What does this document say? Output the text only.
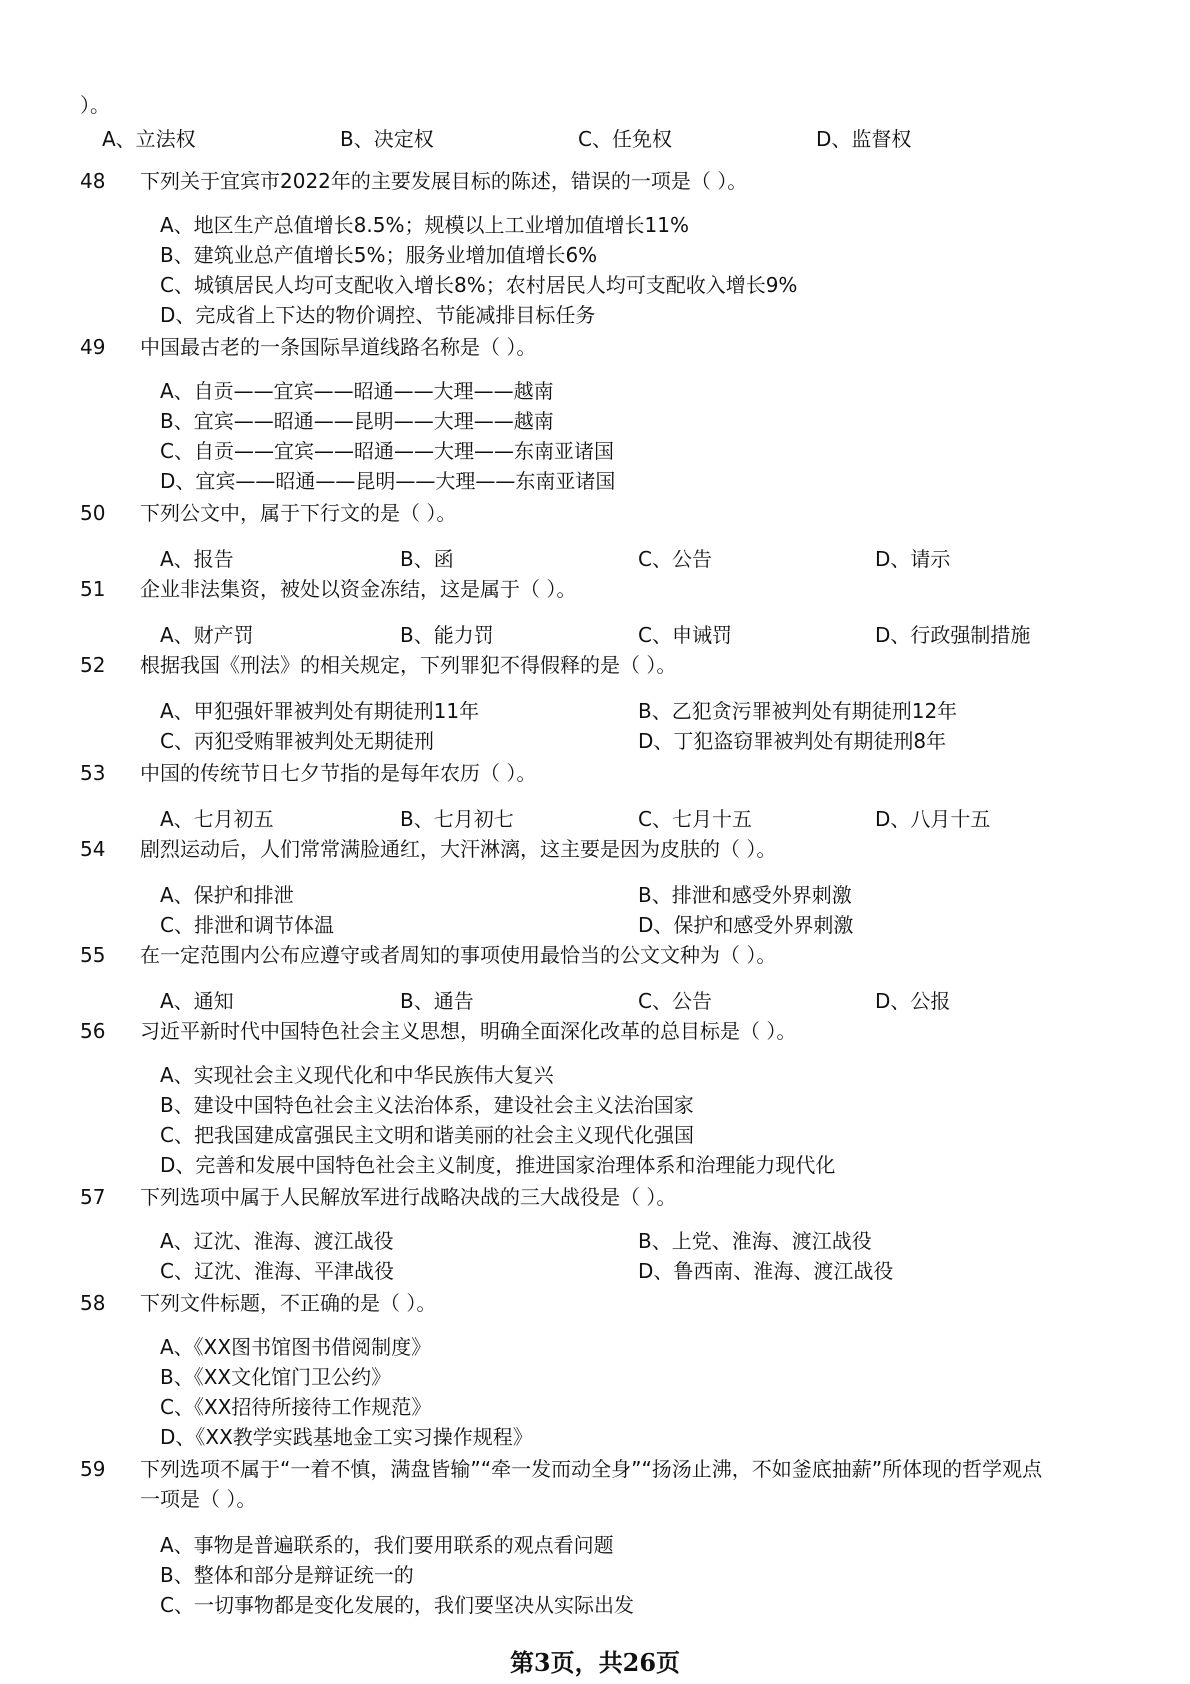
）。
A、立法权	B、决定权	C、任免权	D、监督权
48	下列关于宜宾市2022年的主要发展目标的陈述，错误的一项是（ ）。
A、地区生产总值增长8.5%；规模以上工业增加值增长11%
B、建筑业总产值增长5%；服务业增加值增长6%
C、城镇居民人均可支配收入增长8%；农村居民人均可支配收入增长9%
D、完成省上下达的物价调控、节能减排目标任务
49	中国最古老的一条国际旱道线路名称是（ ）。
A、自贡——宜宾——昭通——大理——越南
B、宜宾——昭通——昆明——大理——越南
C、自贡——宜宾——昭通——大理——东南亚诸国
D、宜宾——昭通——昆明——大理——东南亚诸国
50	下列公文中，属于下行文的是（ ）。
A、报告	B、函	C、公告	D、请示
51	企业非法集资，被处以资金冻结，这是属于（ ）。
A、财产罚	B、能力罚	C、申诫罚	D、行政强制措施
52	根据我国《刑法》的相关规定，下列罪犯不得假释的是（ ）。
A、甲犯强奸罪被判处有期徒刑11年	B、乙犯贪污罪被判处有期徒刑12年
C、丙犯受贿罪被判处无期徒刑	D、丁犯盗窃罪被判处有期徒刑8年
53	中国的传统节日七夕节指的是每年农历（ ）。
A、七月初五	B、七月初七	C、七月十五	D、八月十五
54	剧烈运动后，人们常常满脸通红，大汗淋漓，这主要是因为皮肤的（ ）。
A、保护和排泄	B、排泄和感受外界刺激
C、排泄和调节体温	D、保护和感受外界刺激
55	在一定范围内公布应遵守或者周知的事项使用最恰当的公文文种为（ ）。
A、通知	B、通告	C、公告	D、公报
56	习近平新时代中国特色社会主义思想，明确全面深化改革的总目标是（ ）。
A、实现社会主义现代化和中华民族伟大复兴
B、建设中国特色社会主义法治体系，建设社会主义法治国家
C、把我国建成富强民主文明和谐美丽的社会主义现代化强国
D、完善和发展中国特色社会主义制度，推进国家治理体系和治理能力现代化
57	下列选项中属于人民解放军进行战略决战的三大战役是（ ）。
A、辽沈、淮海、渡江战役	B、上党、淮海、渡江战役
C、辽沈、淮海、平津战役	D、鲁西南、淮海、渡江战役
58	下列文件标题，不正确的是（ ）。
A、《XX图书馆图书借阅制度》
B、《XX文化馆门卫公约》
C、《XX招待所接待工作规范》
D、《XX教学实践基地金工实习操作规程》
59	下列选项不属于“一着不慎，满盘皆输”“牵一发而动全身”“扬汤止沸，不如釜底抽薪”所体现的哲学观点
一项是（ ）。
A、事物是普遍联系的，我们要用联系的观点看问题
B、整体和部分是辩证统一的
C、一切事物都是变化发展的，我们要坚决从实际出发
第3页，共26页
